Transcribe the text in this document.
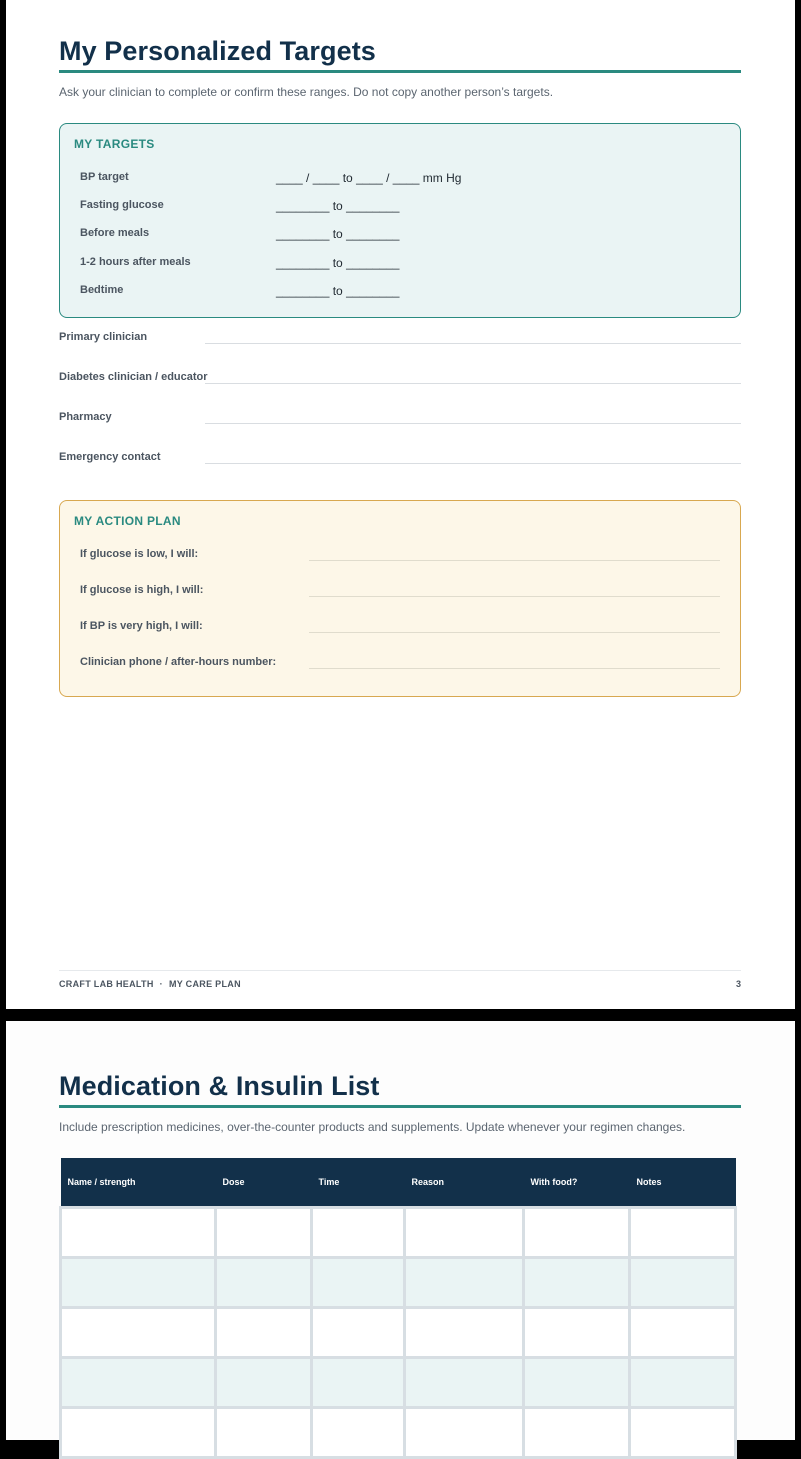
My Personalized Targets

Ask your clinician to complete or confirm these ranges. Do not copy another person’s targets.

MY TARGETS
BP target	____ / ____ to ____ / ____ mm Hg
Fasting glucose	________ to ________
Before meals	________ to ________
1-2 hours after meals	________ to ________
Bedtime	________ to ________
Primary clinician
Diabetes clinician / educator
Pharmacy
Emergency contact
MY ACTION PLAN
If glucose is low, I will:
If glucose is high, I will:
If BP is very high, I will:
Clinician phone / after-hours number:
CRAFT LAB HEALTH · MY CARE PLAN	3
Medication & Insulin List

Include prescription medicines, over-the-counter products and supplements. Update whenever your regimen changes.

Name / strength	Dose	Time	Reason	With food?	Notes
